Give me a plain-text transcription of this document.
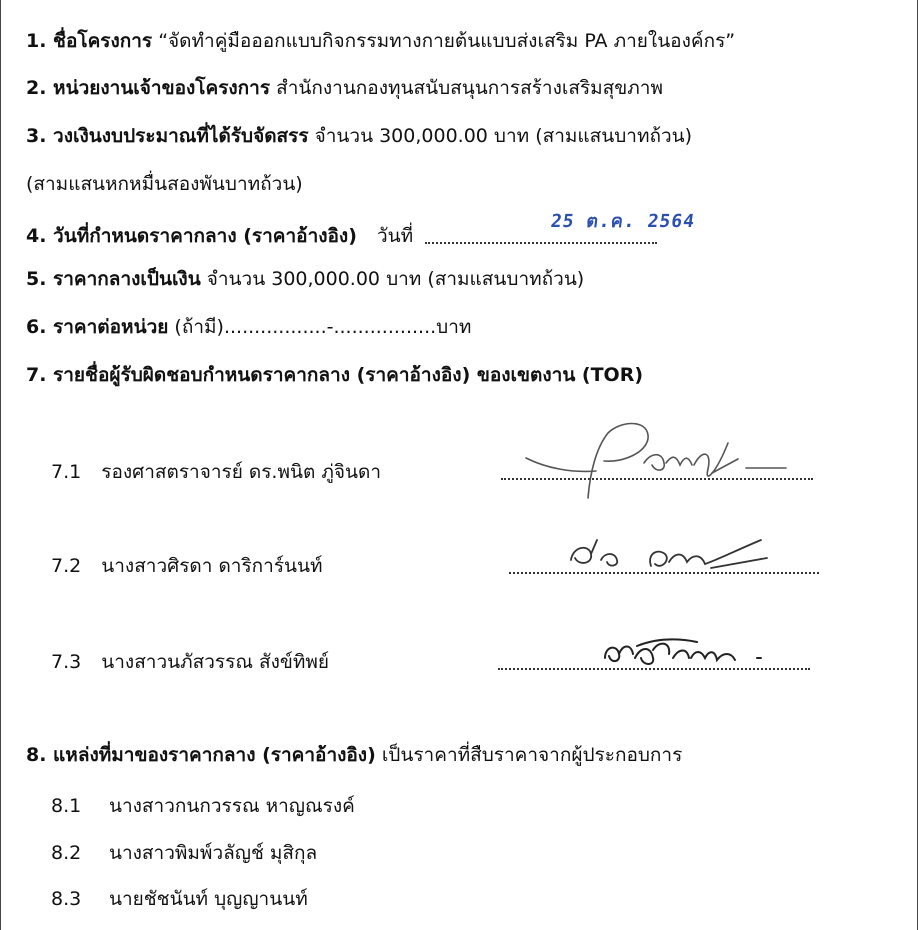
1. ชื่อโครงการ “จัดทำคู่มือออกแบบกิจกรรมทางกายต้นแบบส่งเสริม PA ภายในองค์กร”
2. หน่วยงานเจ้าของโครงการ สำนักงานกองทุนสนับสนุนการสร้างเสริมสุขภาพ
3. วงเงินงบประมาณที่ได้รับจัดสรร จำนวน 300,000.00 บาท (สามแสนบาทถ้วน)
(สามแสนหกหมื่นสองพันบาทถ้วน)
4. วันที่กำหนดราคากลาง (ราคาอ้างอิง) วันที่
25 ต.ค. 2564
5. ราคากลางเป็นเงิน จำนวน 300,000.00 บาท (สามแสนบาทถ้วน)
6. ราคาต่อหน่วย (ถ้ามี).................-.................บาท
7. รายชื่อผู้รับผิดชอบกำหนดราคากลาง (ราคาอ้างอิง) ของเขตงาน (TOR)
7.1 รองศาสตราจารย์ ดร.พนิต ภู่จินดา
7.2 นางสาวศิรดา ดาริการ์นนท์
7.3 นางสาวนภัสวรรณ สังข์ทิพย์
8. แหล่งที่มาของราคากลาง (ราคาอ้างอิง) เป็นราคาที่สืบราคาจากผู้ประกอบการ
8.1 นางสาวกนกวรรณ หาญณรงค์
8.2 นางสาวพิมพ์วลัญช์ มุสิกุล
8.3 นายชัชนันท์ บุญญานนท์
